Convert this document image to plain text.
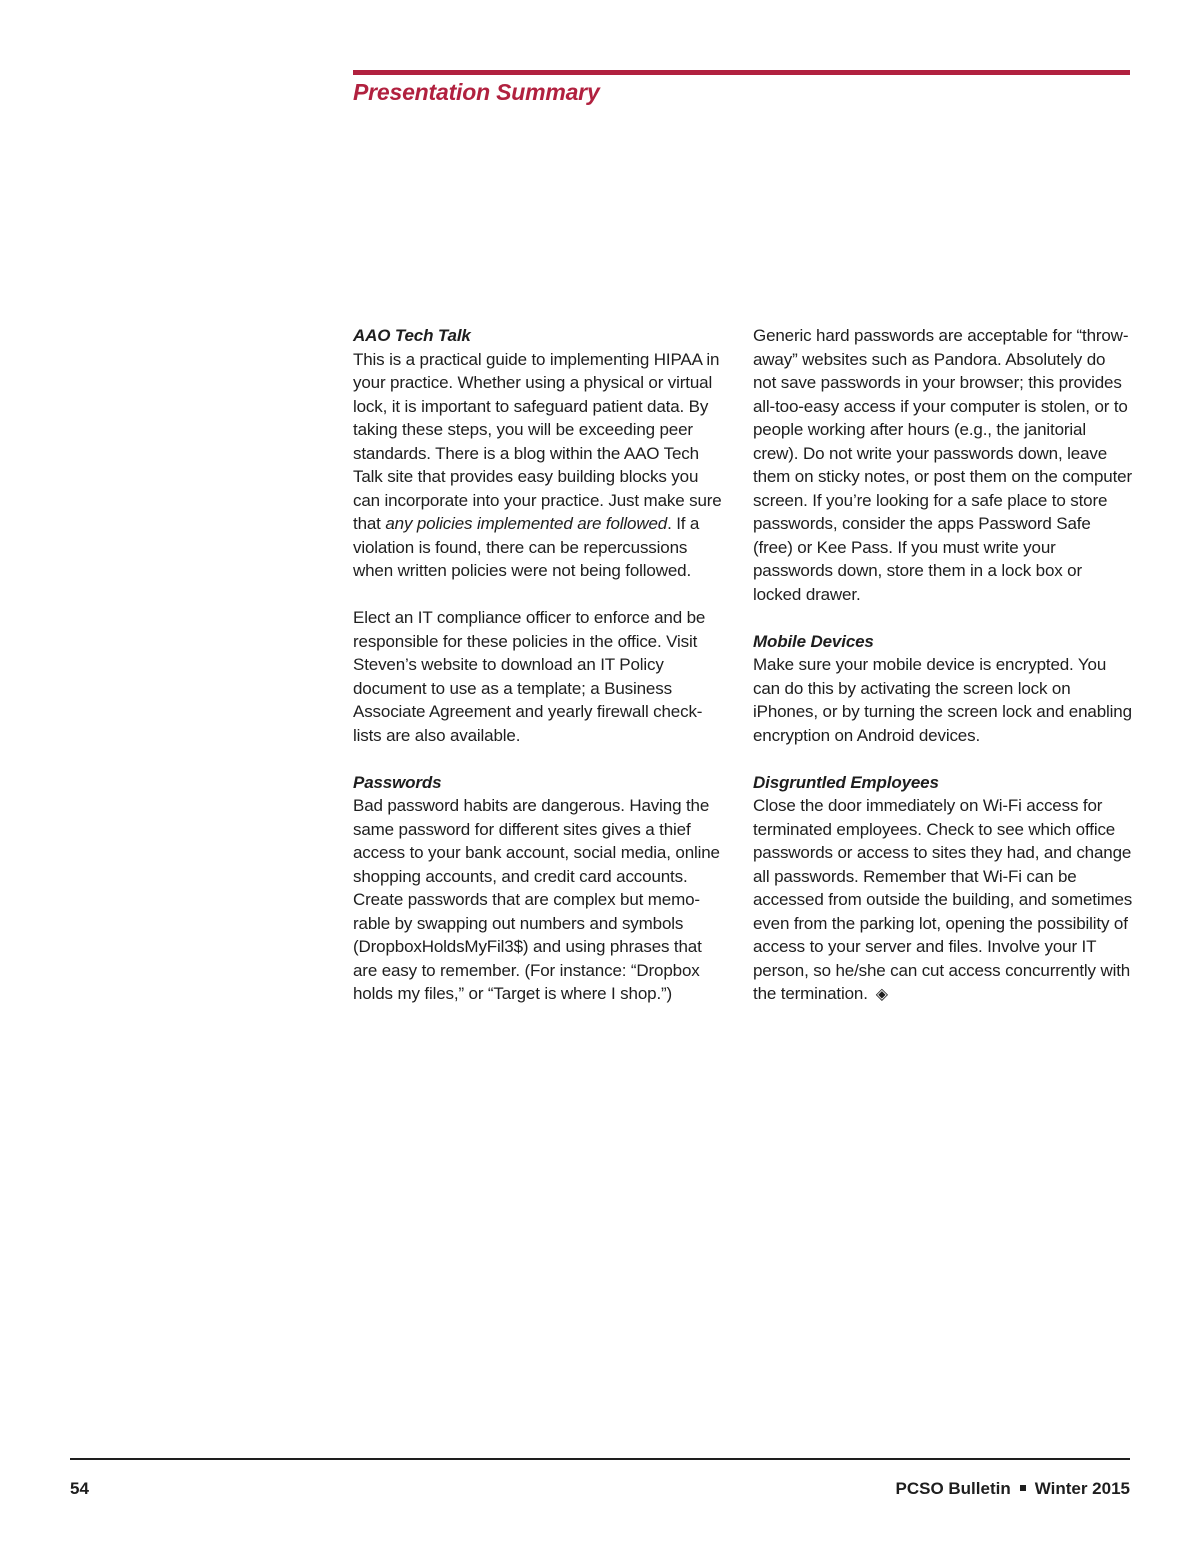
Presentation Summary
AAO Tech Talk

This is a practical guide to implementing HIPAA in your practice. Whether using a physical or virtual lock, it is important to safeguard patient data. By taking these steps, you will be exceeding peer standards. There is a blog within the AAO Tech Talk site that provides easy building blocks you can incorporate into your practice. Just make sure that any policies implemented are followed. If a violation is found, there can be repercussions when written policies were not being followed.

Elect an IT compliance officer to enforce and be responsible for these policies in the office. Visit Steven’s website to download an IT Policy document to use as a template; a Business Associate Agreement and yearly firewall check-lists are also available.

Passwords

Bad password habits are dangerous. Having the same password for different sites gives a thief access to your bank account, social media, online shopping accounts, and credit card accounts. Create passwords that are complex but memo-rable by swapping out numbers and symbols (DropboxHoldsMyFil3$) and using phrases that are easy to remember. (For instance: “Dropbox holds my files,” or “Target is where I shop.”)

Generic hard passwords are acceptable for “throw-away” websites such as Pandora. Absolutely do not save passwords in your browser; this provides all-too-easy access if your computer is stolen, or to people working after hours (e.g., the janitorial crew). Do not write your passwords down, leave them on sticky notes, or post them on the computer screen. If you’re looking for a safe place to store passwords, consider the apps Password Safe (free) or Kee Pass. If you must write your passwords down, store them in a lock box or locked drawer.

Mobile Devices

Make sure your mobile device is encrypted. You can do this by activating the screen lock on iPhones, or by turning the screen lock and enabling encryption on Android devices.

Disgruntled Employees

Close the door immediately on Wi-Fi access for terminated employees. Check to see which office passwords or access to sites they had, and change all passwords. Remember that Wi-Fi can be accessed from outside the building, and sometimes even from the parking lot, opening the possibility of access to your server and files. Involve your IT person, so he/she can cut access concurrently with the termination. ◈

54	PCSO Bulletin Winter 2015
